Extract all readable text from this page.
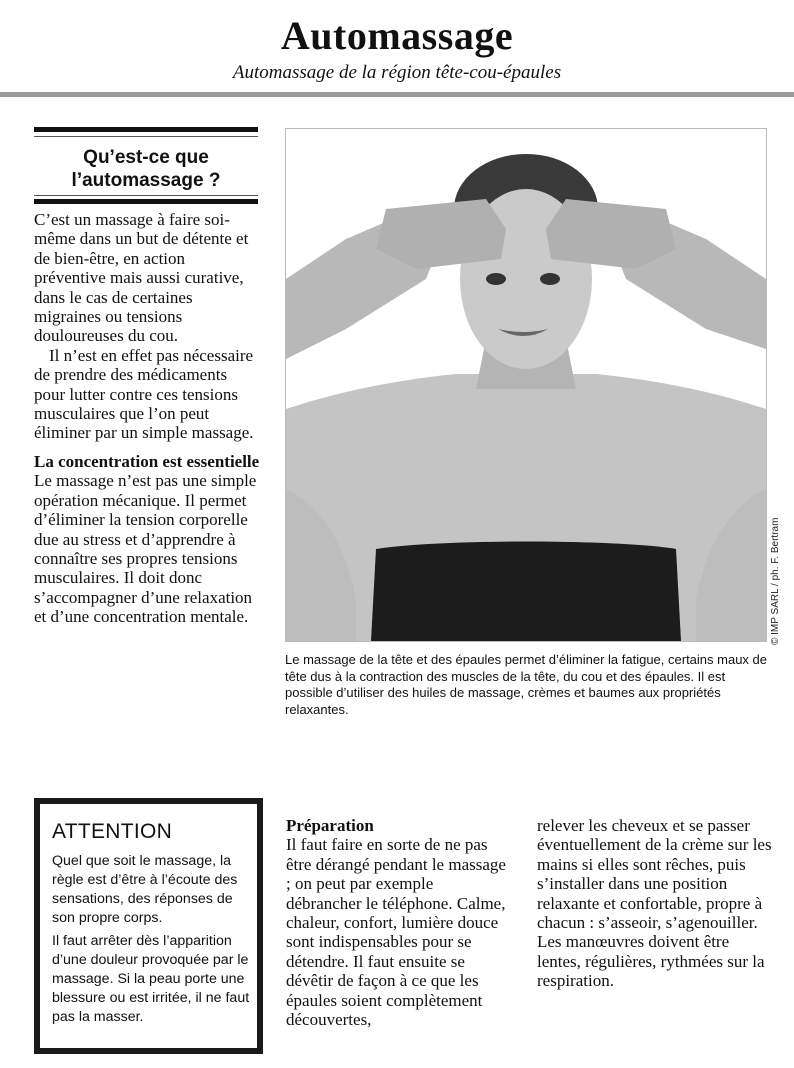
Automassage
Automassage de la région tête-cou-épaules
Qu’est-ce que
l’automassage ?

C’est un massage à faire soi-même dans un but de détente et de bien-être, en action préventive mais aussi curative, dans le cas de certaines migraines ou tensions douloureuses du cou.

Il n’est en effet pas nécessaire de prendre des médicaments pour lutter contre ces tensions musculaires que l’on peut éliminer par un simple massage.

La concentration est essentielle

Le massage n’est pas une simple opération mécanique. Il permet d’éliminer la tension corporelle due au stress et d’apprendre à connaître ses propres tensions musculaires. Il doit donc s’accompagner d’une relaxation et d’une concentration mentale.	© IMP SARL / ph. F. Bertram
Le massage de la tête et des épaules permet d’éliminer la fatigue, certains maux de tête dus à la contraction des muscles de la tête, du cou et des épaules. Il est possible d’utiliser des huiles de massage, crèmes et baumes aux propriétés relaxantes.
ATTENTION

Quel que soit le massage, la règle est d’être à l’écoute des sensations, des réponses de son propre corps.

Il faut arrêter dès l’apparition d’une douleur provoquée par le massage. Si la peau porte une blessure ou est irritée, il ne faut pas la masser.

Préparation

Il faut faire en sorte de ne pas être dérangé pendant le massage ; on peut par exemple débrancher le téléphone. Calme, chaleur, confort, lumière douce sont indispensables pour se détendre. Il faut ensuite se dévêtir de façon à ce que les épaules soient complètement découvertes,

relever les cheveux et se passer éventuellement de la crème sur les mains si elles sont rêches, puis s’installer dans une position relaxante et confortable, propre à chacun : s’asseoir, s’agenouiller.

Les manœuvres doivent être lentes, régulières, rythmées sur la respiration.
